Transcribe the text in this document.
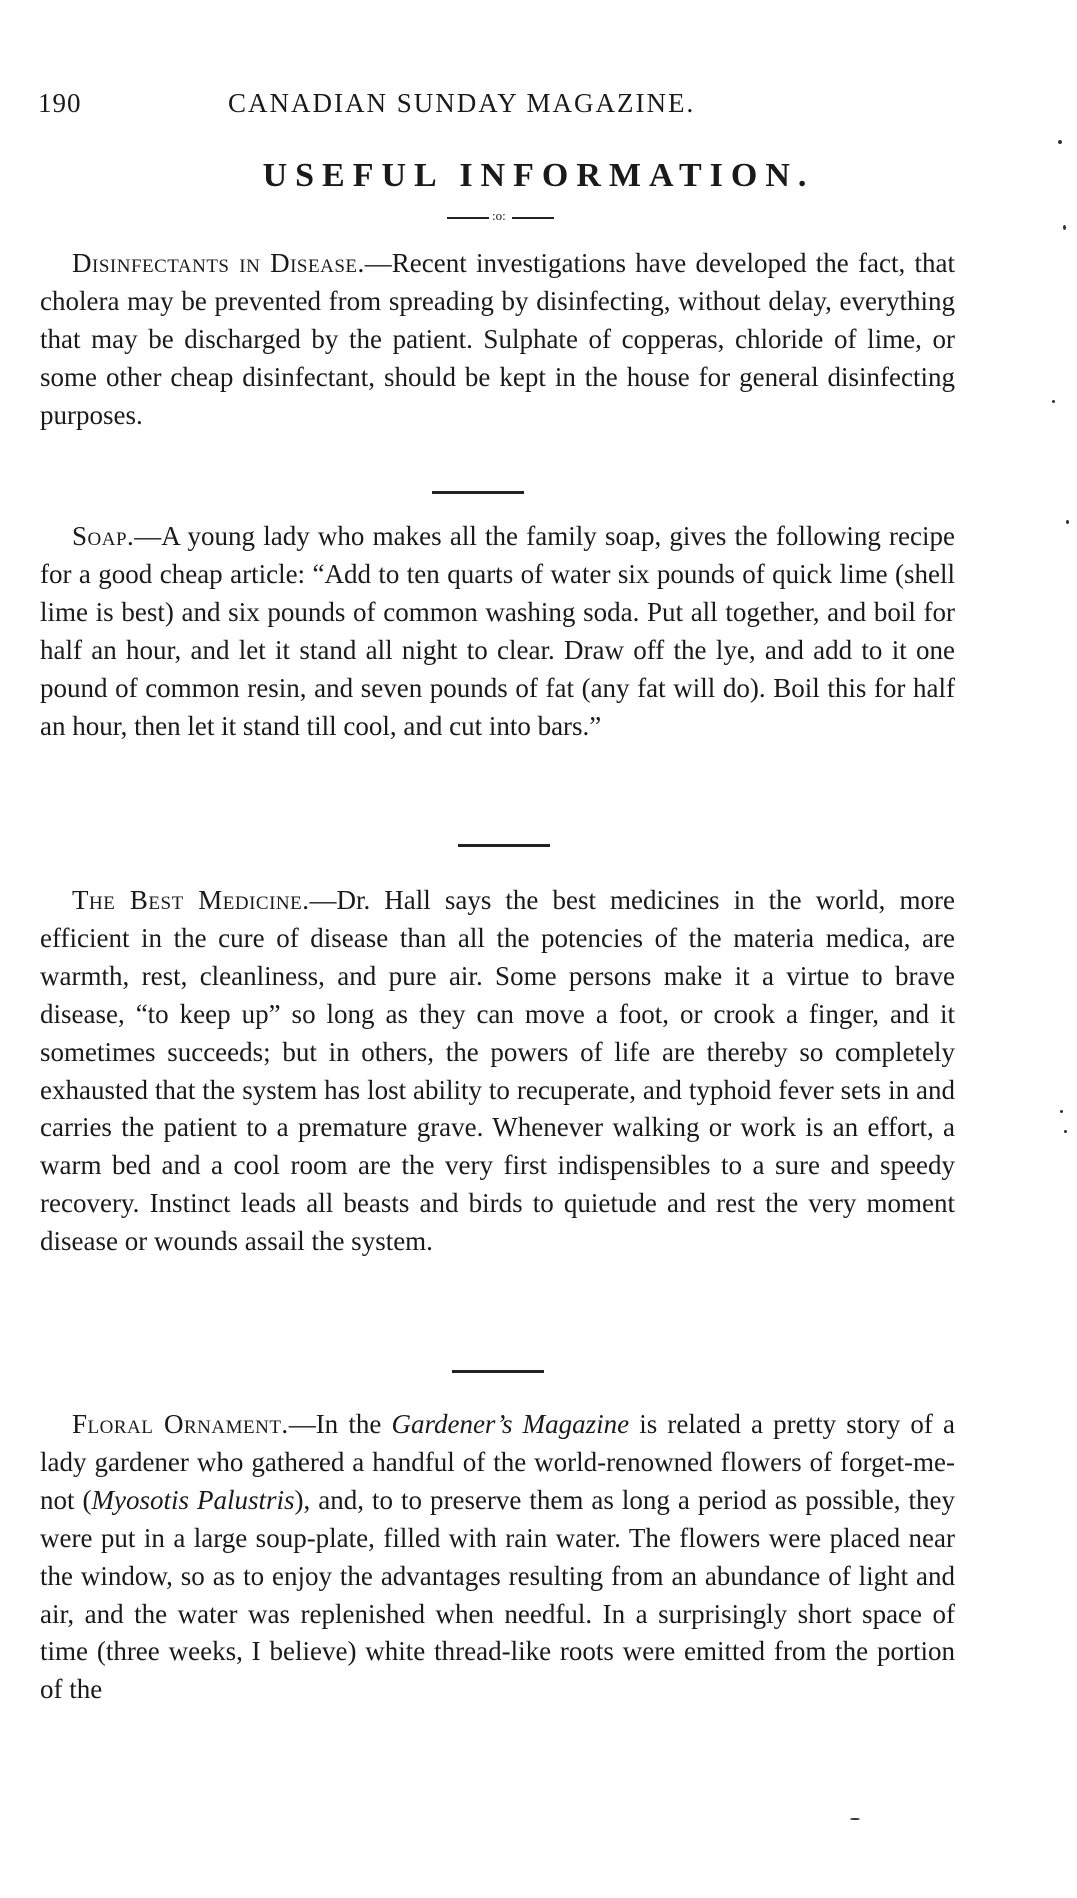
190	CANADIAN SUNDAY MAGAZINE.
USEFUL INFORMATION.
:o:

Disinfectants in Disease.—Recent investigations have developed the fact, that cholera may be prevented from spreading by disinfecting, without delay, everything that may be discharged by the patient. Sulphate of copperas, chloride of lime, or some other cheap disinfectant, should be kept in the house for general disinfecting purposes.

Soap.—A young lady who makes all the family soap, gives the following recipe for a good cheap article: “Add to ten quarts of water six pounds of quick lime (shell lime is best) and six pounds of common washing soda. Put all together, and boil for half an hour, and let it stand all night to clear. Draw off the lye, and add to it one pound of common resin, and seven pounds of fat (any fat will do). Boil this for half an hour, then let it stand till cool, and cut into bars.”

The Best Medicine.—Dr. Hall says the best medicines in the world, more efficient in the cure of disease than all the potencies of the materia medica, are warmth, rest, cleanliness, and pure air. Some persons make it a virtue to brave disease, “to keep up” so long as they can move a foot, or crook a finger, and it sometimes succeeds; but in others, the powers of life are thereby so completely exhausted that the system has lost ability to recuperate, and typhoid fever sets in and carries the patient to a premature grave. Whenever walking or work is an effort, a warm bed and a cool room are the very first indispensibles to a sure and speedy recovery. Instinct leads all beasts and birds to quietude and rest the very moment disease or wounds assail the system.

Floral Ornament.—In the Gardener’s Magazine is related a pretty story of a lady gardener who gathered a handful of the world-renowned flowers of forget-me-not (Myosotis Palustris), and, to to preserve them as long a period as possible, they were put in a large soup-plate, filled with rain water. The flowers were placed near the window, so as to enjoy the advantages resulting from an abundance of light and air, and the water was replenished when needful. In a surprisingly short space of time (three weeks, I believe) white thread-like roots were emitted from the portion of the
